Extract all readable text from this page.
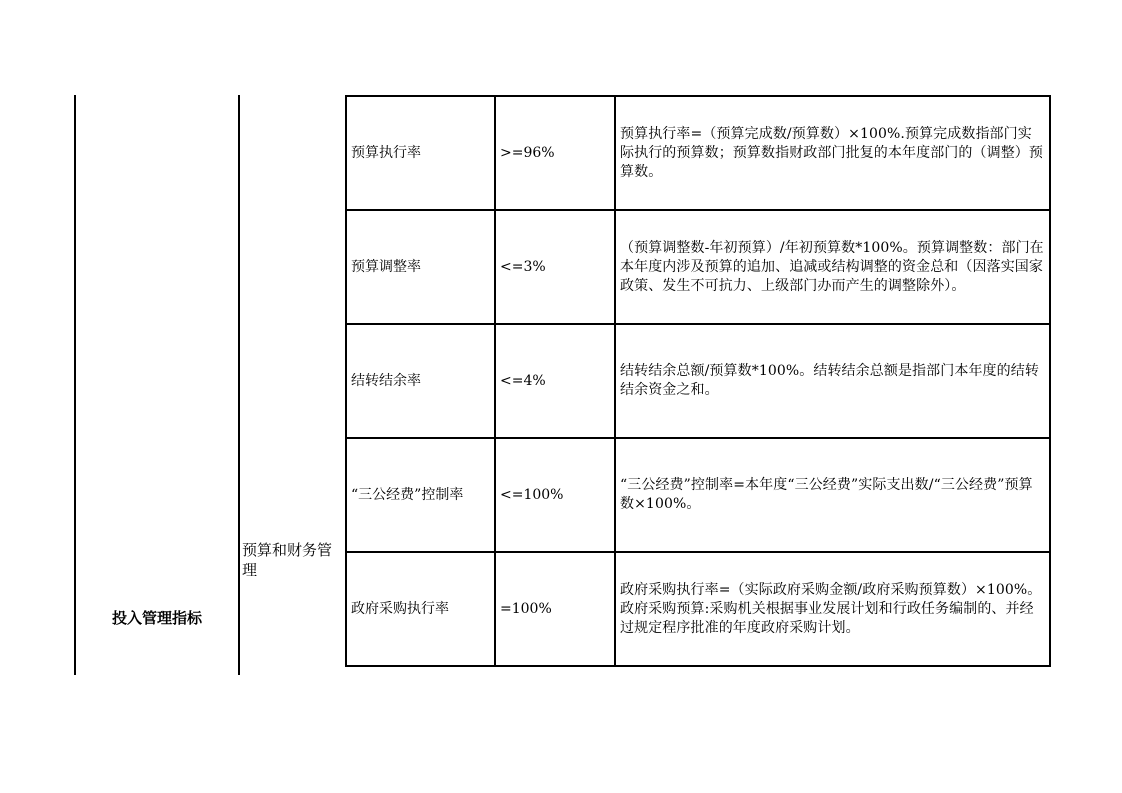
投入管理指标
预算和财务管理
预算执行率	>=96%	预算执行率=（预算完成数/预算数）×100%.预算完成数指部门实际执行的预算数；预算数指财政部门批复的本年度部门的（调整）预算数。
预算调整率	<=3%	（预算调整数-年初预算）/年初预算数*100%。预算调整数：部门在本年度内涉及预算的追加、追减或结构调整的资金总和（因落实国家政策、发生不可抗力、上级部门办而产生的调整除外）。
结转结余率	<=4%	结转结余总额/预算数*100%。结转结余总额是指部门本年度的结转结余资金之和。
“三公经费”控制率	<=100%	“三公经费”控制率=本年度“三公经费”实际支出数/“三公经费”预算数×100%。
政府采购执行率	=100%	政府采购执行率=（实际政府采购金额/政府采购预算数）×100%。政府采购预算:采购机关根据事业发展计划和行政任务编制的、并经过规定程序批准的年度政府采购计划。
